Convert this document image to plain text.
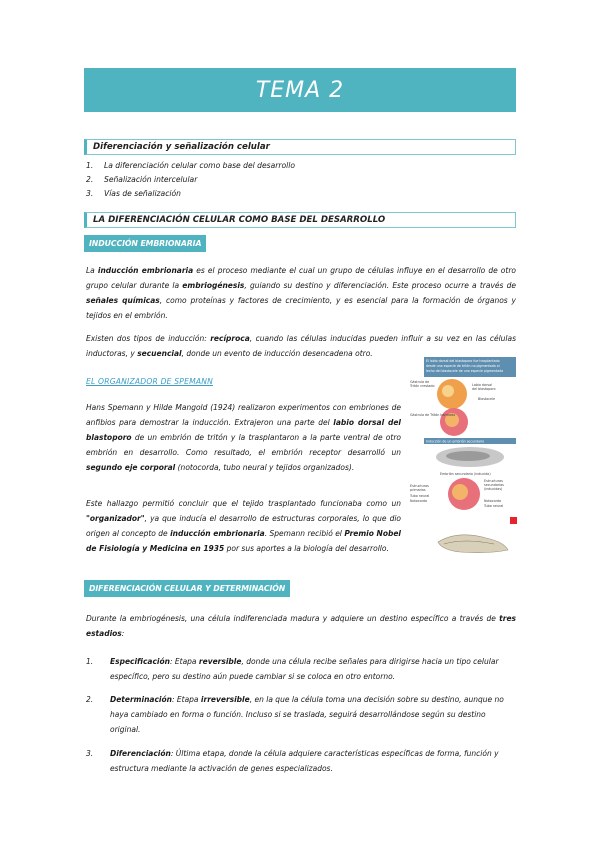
TEMA 2
Diferenciación y señalización celular
1.	La diferenciación celular como base del desarrollo
2.	Señalización intercelular
3.	Vías de señalización
LA DIFERENCIACIÓN CELULAR COMO BASE DEL DESARROLLO
INDUCCIÓN EMBRIONARIA

La inducción embrionaria es el proceso mediante el cual un grupo de células influye en el desarrollo de otro grupo celular durante la embriogénesis, guiando su destino y diferenciación. Este proceso ocurre a través de señales químicas, como proteínas y factores de crecimiento, y es esencial para la formación de órganos y tejidos en el embrión.

Existen dos tipos de inducción: recíproca, cuando las células inducidas pueden influir a su vez en las células inductoras, y secuencial, donde un evento de inducción desencadena otro.

EL ORGANIZADOR DE SPEMANN

Hans Spemann y Hilde Mangold (1924) realizaron experimentos con embriones de anfibios para demostrar la inducción. Extrajeron una parte del labio dorsal del blastoporo de un embrión de tritón y la trasplantaron a la parte ventral de otro embrión en desarrollo. Como resultado, el embrión receptor desarrolló un segundo eje corporal (notocorda, tubo neural y tejidos organizados).

Este hallazgo permitió concluir que el tejido trasplantado funcionaba como un "organizador", ya que inducía el desarrollo de estructuras corporales, lo que dio origen al concepto de inducción embrionaria. Spemann recibió el Premio Nobel de Fisiología y Medicina en 1935 por sus aportes a la biología del desarrollo.

El labio dorsal del blastoporo fue trasplantado
desde una especie de tritón no pigmentada al
lecho del blastocele de una especie pigmentada
Gástrula de
Tritón crestado	Labio dorsal
del blastoporo
Blastocele
Gástrula de Tritón barreado
Inducción de un embrión secundario
Embrión secundario (inducido)
Estructuras
primarias
Tubo neural
Notocorda
Estructuras
secundarias
(inducidas)
Notocorda
Tubo neural
DIFERENCIACIÓN CELULAR Y DETERMINACIÓN

Durante la embriogénesis, una célula indiferenciada madura y adquiere un destino específico a través de tres estadios:

1.	Especificación: Etapa reversible, donde una célula recibe señales para dirigirse hacia un tipo celular específico, pero su destino aún puede cambiar si se coloca en otro entorno.
2.	Determinación: Etapa irreversible, en la que la célula toma una decisión sobre su destino, aunque no haya cambiado en forma o función. Incluso si se traslada, seguirá desarrollándose según su destino original.
3.	Diferenciación: Última etapa, donde la célula adquiere características específicas de forma, función y estructura mediante la activación de genes especializados.
